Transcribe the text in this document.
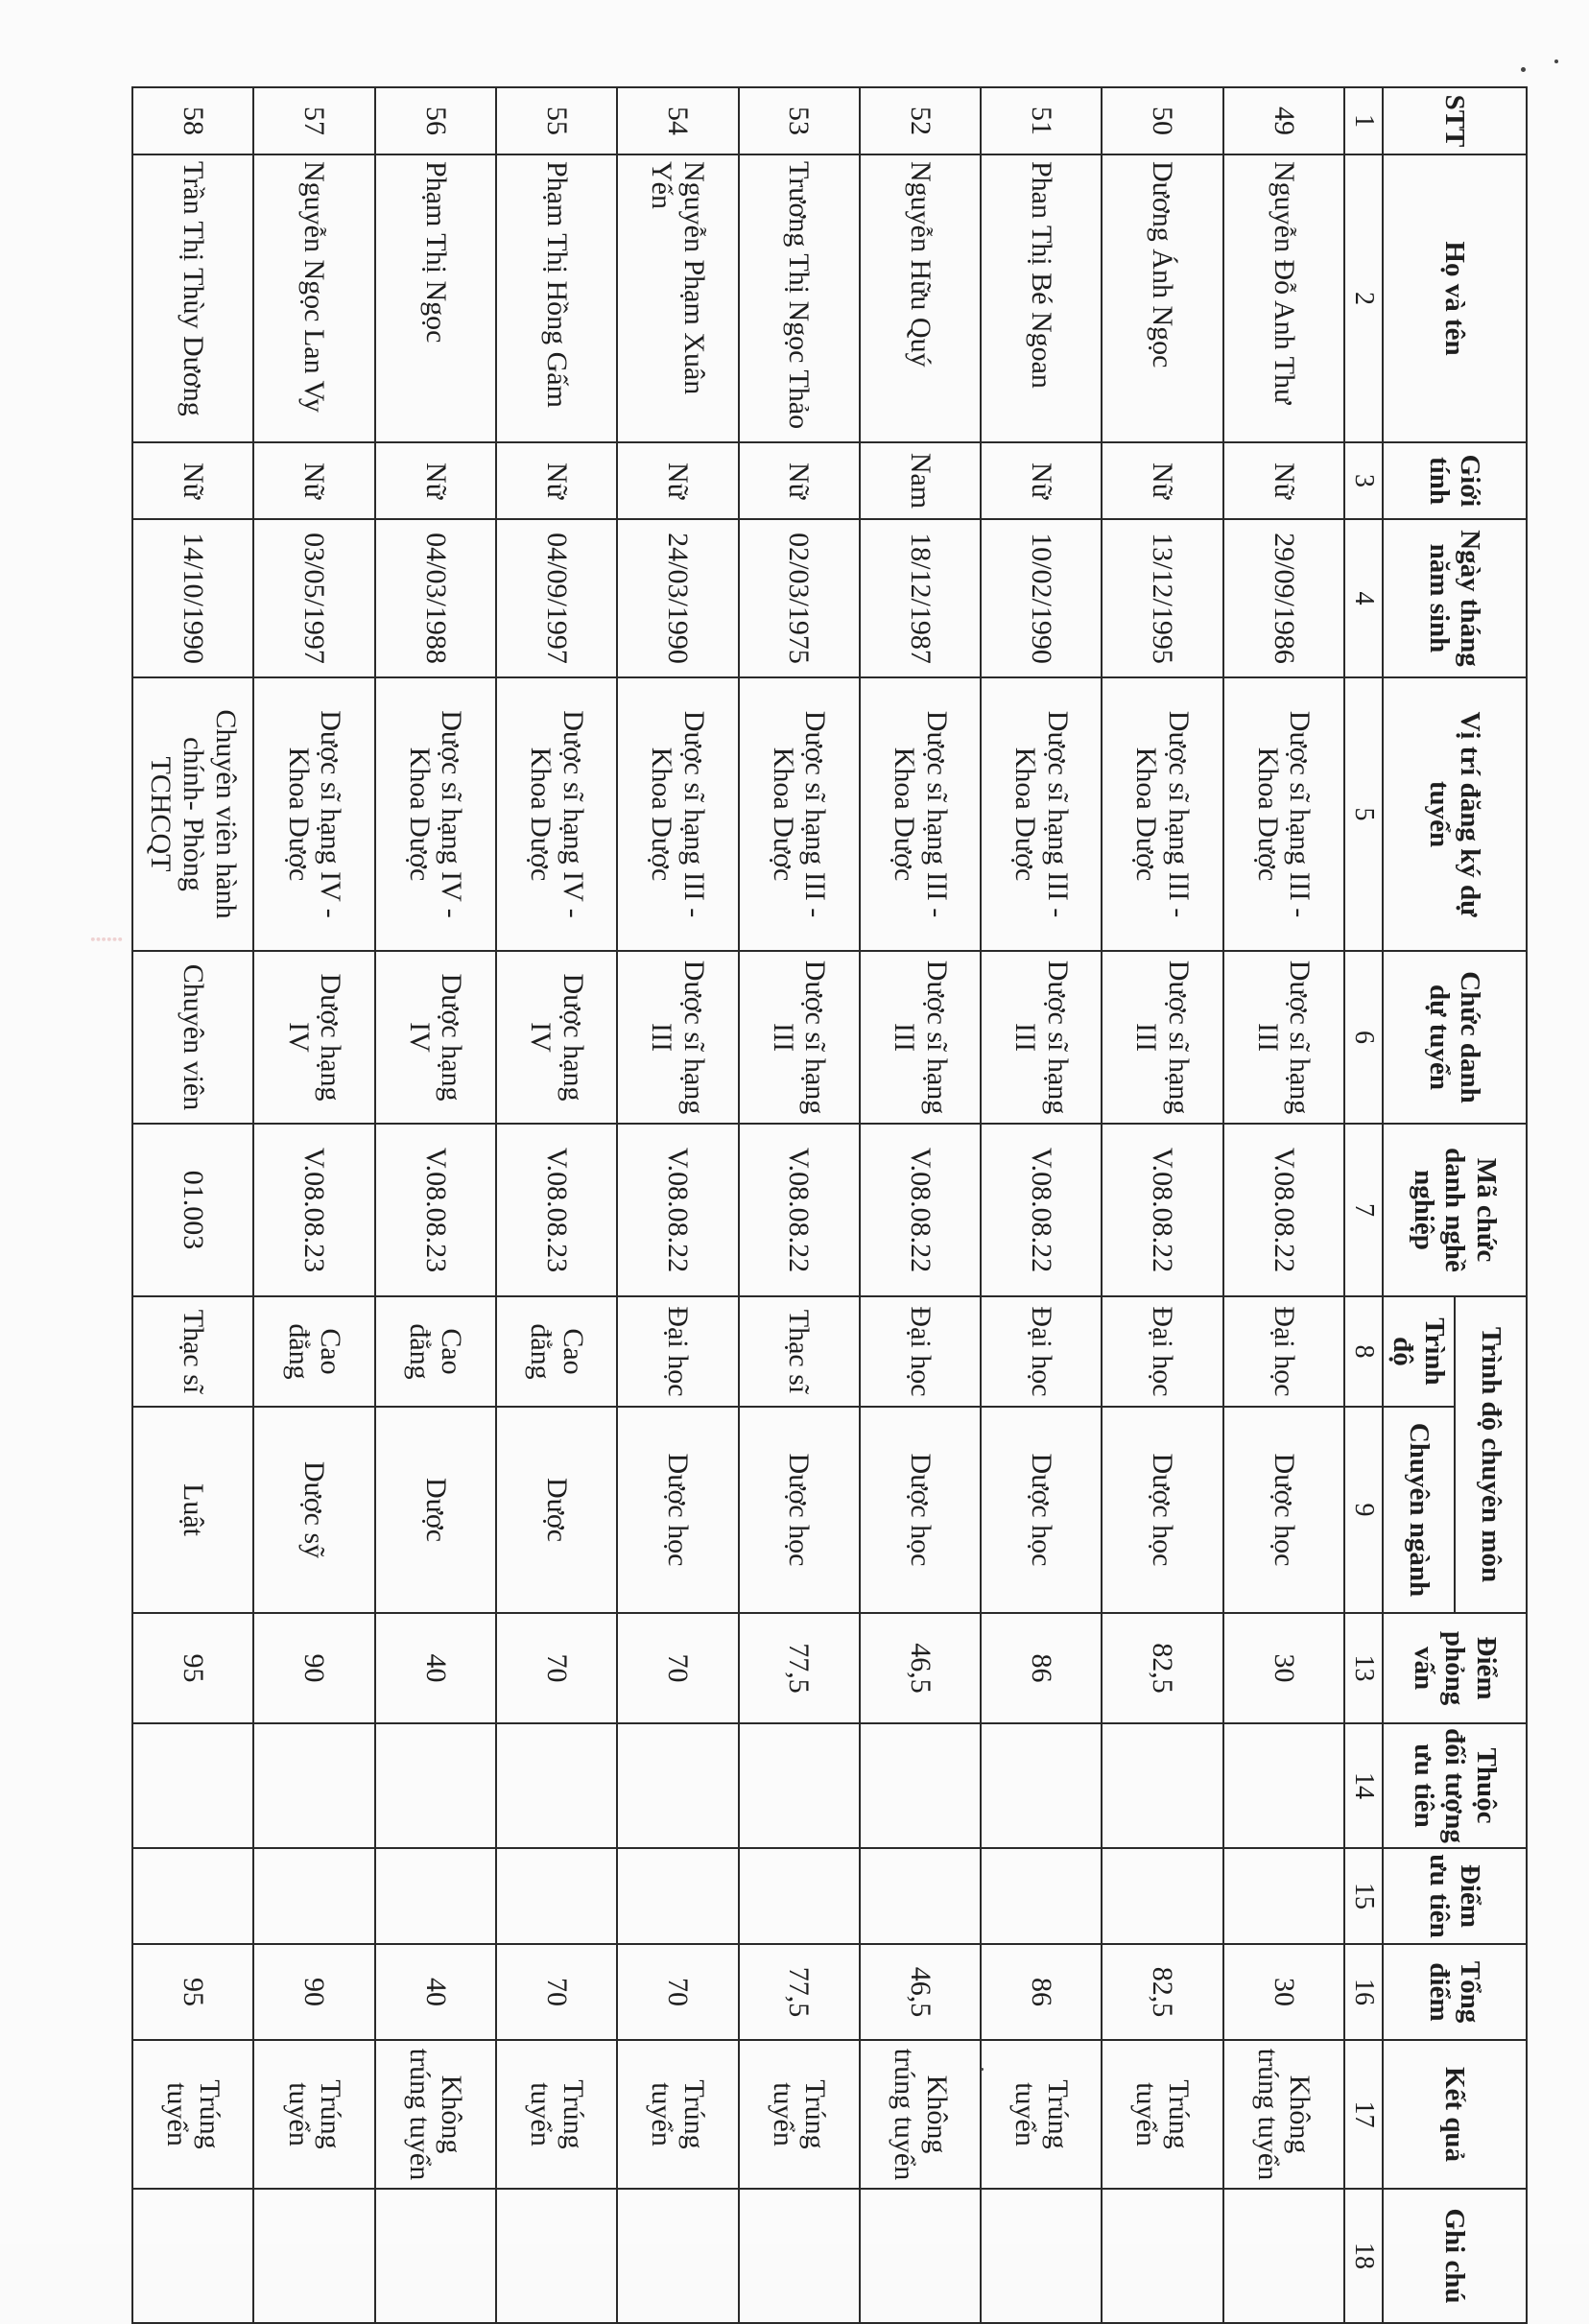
STT	Họ và tên	Giới tính	Ngày tháng năm sinh	Vị trí đăng ký dự tuyển	Chức danh dự tuyển	Mã chức danh nghề nghiệp	Trình độ chuyên môn		Điểm phỏng vấn	Thuộc đối tượng ưu tiên	Điểm ưu tiên	Tổng điểm	Kết quả	Ghi chú
							Trình độ	Chuyên ngành						
1	2	3	4	5	6	7	8	9	13	14	15	16	17	18
49	Nguyễn Đỗ Anh Thư	Nữ	29/09/1986	Dược sĩ hạng III - Khoa Dược	Dược sĩ hạng III	V.08.08.22	Đại học	Dược học	30			30	Không trúng tuyển	
50	Dương Ánh Ngọc	Nữ	13/12/1995	Dược sĩ hạng III - Khoa Dược	Dược sĩ hạng III	V.08.08.22	Đại học	Dược học	82,5			82,5	Trúng tuyển	
51	Phan Thị Bé Ngoan	Nữ	10/02/1990	Dược sĩ hạng III - Khoa Dược	Dược sĩ hạng III	V.08.08.22	Đại học	Dược học	86			86	Trúng tuyển	
52	Nguyễn Hữu Quý	Nam	18/12/1987	Dược sĩ hạng III - Khoa Dược	Dược sĩ hạng III	V.08.08.22	Đại học	Dược học	46,5			46,5	Không trúng tuyển	
53	Trương Thị Ngọc Thảo	Nữ	02/03/1975	Dược sĩ hạng III - Khoa Dược	Dược sĩ hạng III	V.08.08.22	Thạc sĩ	Dược học	77,5			77,5	Trúng tuyển	
54	Nguyễn Phạm Xuân Yến	Nữ	24/03/1990	Dược sĩ hạng III - Khoa Dược	Dược sĩ hạng III	V.08.08.22	Đại học	Dược học	70			70	Trúng tuyển	
55	Phạm Thị Hồng Gấm	Nữ	04/09/1997	Dược sĩ hạng IV - Khoa Dược	Dược hạng IV	V.08.08.23	Cao đẳng	Dược	70			70	Trúng tuyển	
56	Phạm Thị Ngọc	Nữ	04/03/1988	Dược sĩ hạng IV - Khoa Dược	Dược hạng IV	V.08.08.23	Cao đẳng	Dược	40			40	Không trúng tuyển	
57	Nguyễn Ngọc Lan Vy	Nữ	03/05/1997	Dược sĩ hạng IV - Khoa Dược	Dược hạng IV	V.08.08.23	Cao đẳng	Dược sỹ	90			90	Trúng tuyển	
58	Trần Thị Thùy Dương	Nữ	14/10/1990	Chuyên viên hành chính- Phòng TCHCQT	Chuyên viên	01.003	Thạc sĩ	Luật	95			95	Trúng tuyển	
⸽
